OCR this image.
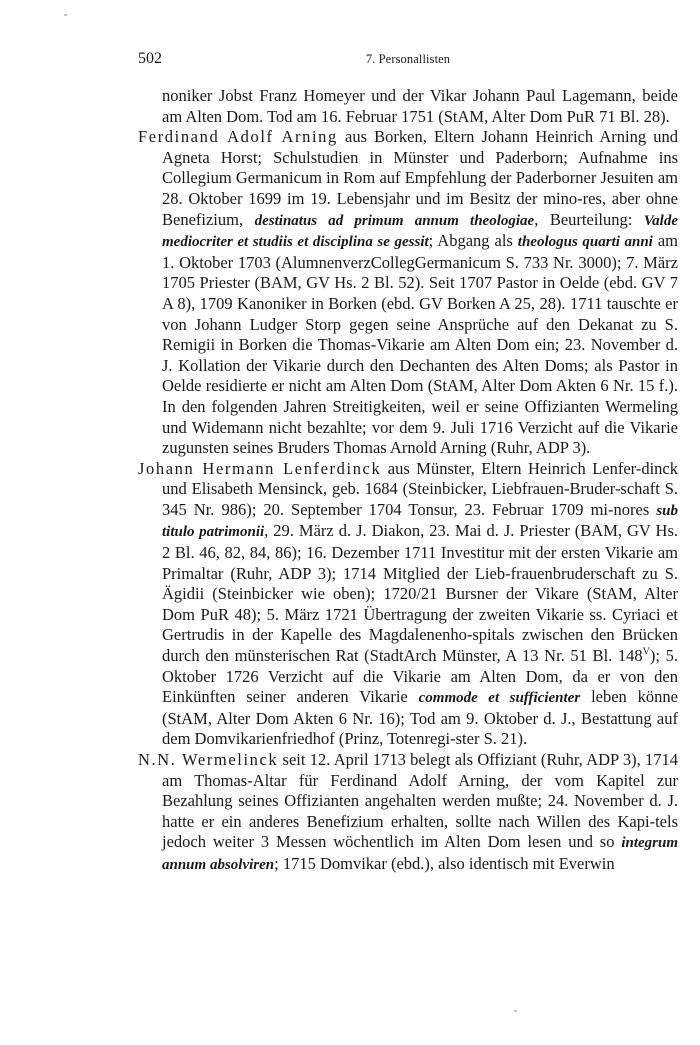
502	7. Personallisten

noniker Jobst Franz Homeyer und der Vikar Johann Paul Lagemann, beide am Alten Dom. Tod am 16. Februar 1751 (StAM, Alter Dom PuR 71 Bl. 28).

Ferdinand Adolf Arning aus Borken, Eltern Johann Heinrich Arning und Agneta Horst; Schulstudien in Münster und Paderborn; Aufnahme ins Collegium Germanicum in Rom auf Empfehlung der Paderborner Jesuiten am 28. Oktober 1699 im 19. Lebensjahr und im Besitz der mino-res, aber ohne Benefizium, destinatus ad primum annum theologiae, Beurteilung: Valde mediocriter et studiis et disciplina se gessit; Abgang als theologus quarti anni am 1. Oktober 1703 (AlumnenverzCollegGermanicum S. 733 Nr. 3000); 7. März 1705 Priester (BAM, GV Hs. 2 Bl. 52). Seit 1707 Pastor in Oelde (ebd. GV 7 A 8), 1709 Kanoniker in Borken (ebd. GV Borken A 25, 28). 1711 tauschte er von Johann Ludger Storp gegen seine Ansprüche auf den Dekanat zu S. Remigii in Borken die Thomas-Vikarie am Alten Dom ein; 23. November d. J. Kollation der Vikarie durch den Dechanten des Alten Doms; als Pastor in Oelde residierte er nicht am Alten Dom (StAM, Alter Dom Akten 6 Nr. 15 f.). In den folgenden Jahren Streitigkeiten, weil er seine Offizianten Wermeling und Widemann nicht bezahlte; vor dem 9. Juli 1716 Verzicht auf die Vikarie zugunsten seines Bruders Thomas Arnold Arning (Ruhr, ADP 3).

Johann Hermann Lenferdinck aus Münster, Eltern Heinrich Lenfer-dinck und Elisabeth Mensinck, geb. 1684 (Steinbicker, Liebfrauen-Bruder-schaft S. 345 Nr. 986); 20. September 1704 Tonsur, 23. Februar 1709 mi-nores sub titulo patrimonii, 29. März d. J. Diakon, 23. Mai d. J. Priester (BAM, GV Hs. 2 Bl. 46, 82, 84, 86); 16. Dezember 1711 Investitur mit der ersten Vikarie am Primaltar (Ruhr, ADP 3); 1714 Mitglied der Lieb-frauenbruderschaft zu S. Ägidii (Steinbicker wie oben); 1720/21 Bursner der Vikare (StAM, Alter Dom PuR 48); 5. März 1721 Übertragung der zweiten Vikarie ss. Cyriaci et Gertrudis in der Kapelle des Magdalenenho-spitals zwischen den Brücken durch den münsterischen Rat (StadtArch Münster, A 13 Nr. 51 Bl. $148^V$); 5. Oktober 1726 Verzicht auf die Vikarie am Alten Dom, da er von den Einkünften seiner anderen Vikarie commode et sufficienter leben könne (StAM, Alter Dom Akten 6 Nr. 16); Tod am 9. Oktober d. J., Bestattung auf dem Domvikarienfriedhof (Prinz, Totenregi-ster S. 21).

N.N. Wermelinck seit 12. April 1713 belegt als Offiziant (Ruhr, ADP 3), 1714 am Thomas-Altar für Ferdinand Adolf Arning, der vom Kapitel zur Bezahlung seines Offizianten angehalten werden mußte; 24. November d. J. hatte er ein anderes Benefizium erhalten, sollte nach Willen des Kapi-tels jedoch weiter 3 Messen wöchentlich im Alten Dom lesen und so integrum annum absolviren; 1715 Domvikar (ebd.), also identisch mit Everwin
